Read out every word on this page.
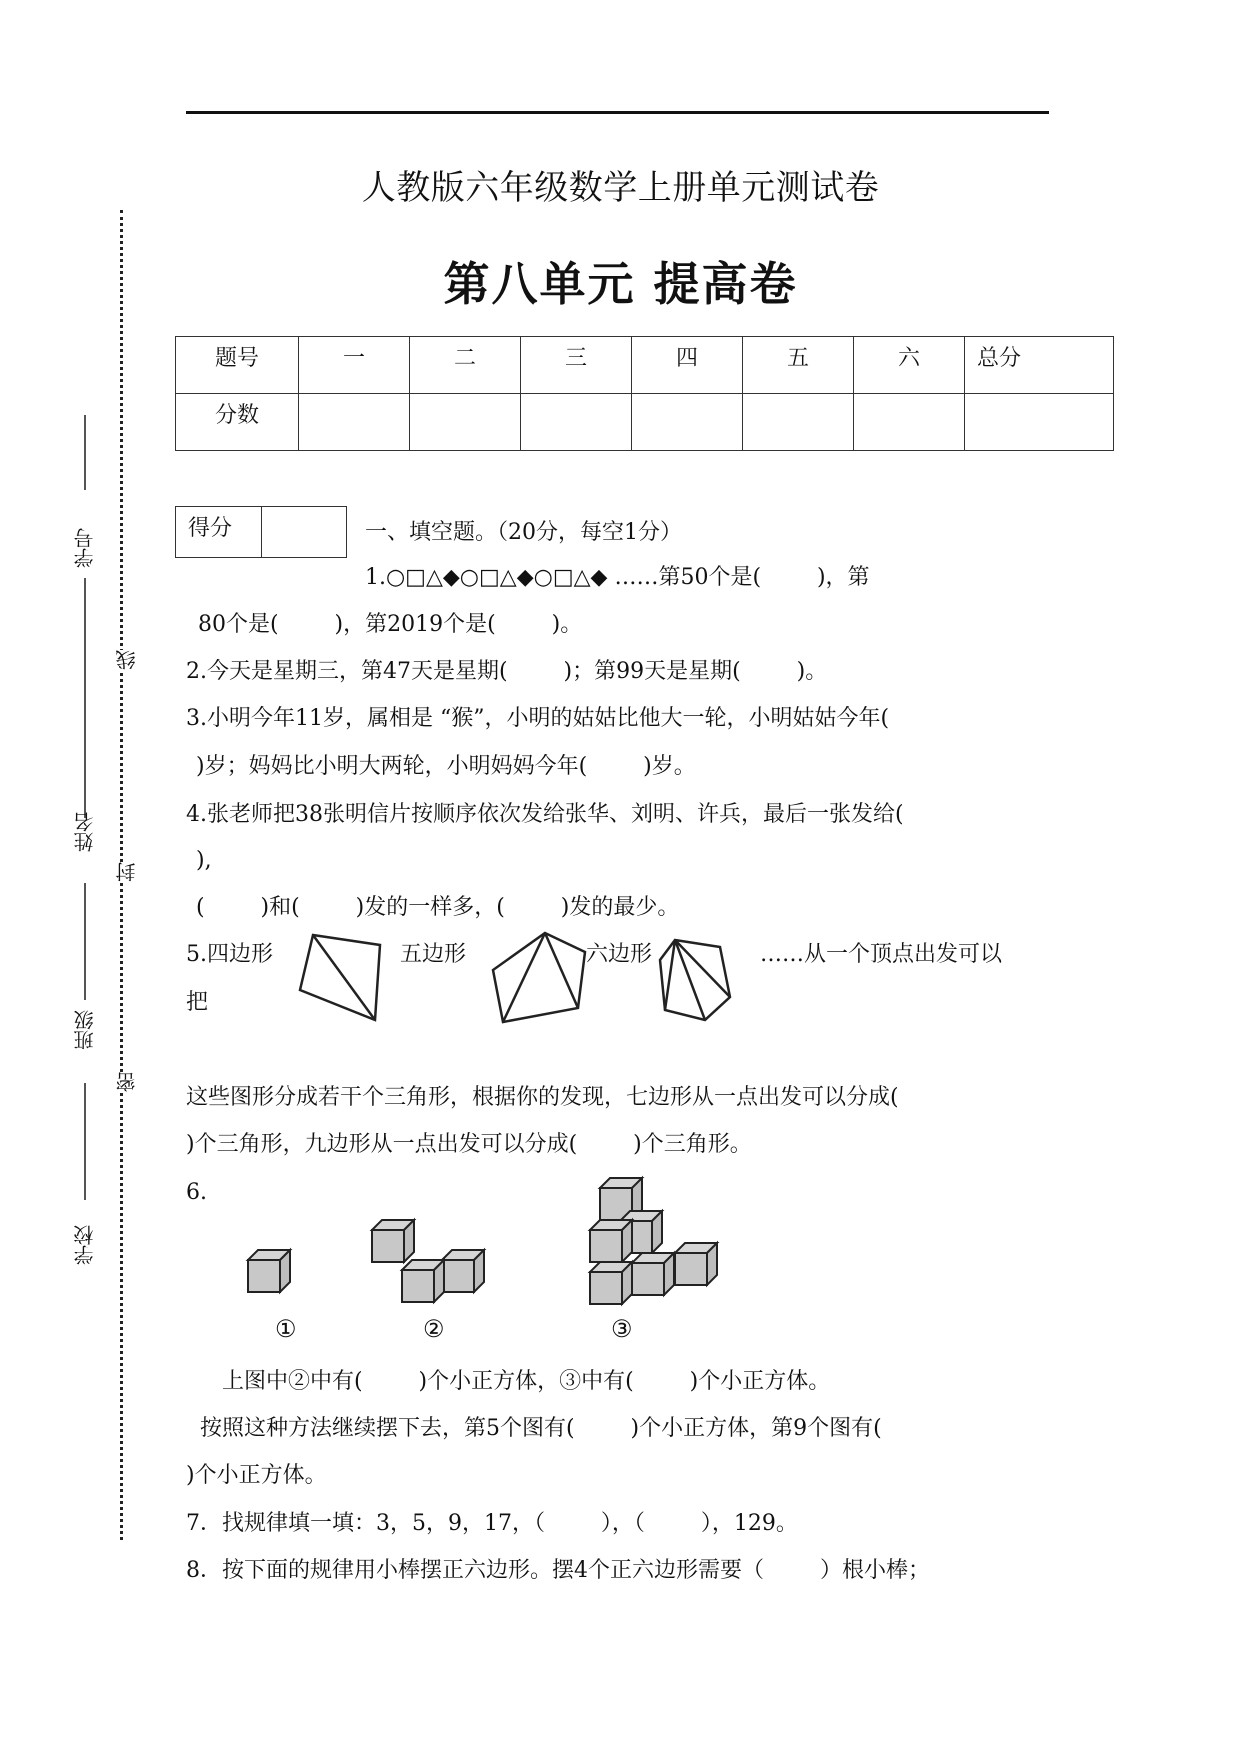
人教版六年级数学上册单元测试卷
第八单元 提高卷
题号	一	二	三	四	五	六	总分
分数							
线
封
密
学号
姓名
班级
学校
得分	一、填空题。（20分，每空1分）
1.○□△◆○□△◆○□△◆ ……第50个是(        )，第
80个是(        )，第2019个是(        )。
2.今天是星期三，第47天是星期(        )；第99天是星期(        )。
3.小明今年11岁，属相是 “猴”，小明的姑姑比他大一轮，小明姑姑今年(
)岁；妈妈比小明大两轮，小明妈妈今年(        )岁。
4.张老师把38张明信片按顺序依次发给张华、刘明、许兵，最后一张发给(
),
(        )和(        )发的一样多，(        )发的最少。
5.四边形	五边形	六边形	……从一个顶点出发可以
把
这些图形分成若干个三角形，根据你的发现，七边形从一点出发可以分成(
)个三角形，九边形从一点出发可以分成(        )个三角形。
6.
①	②	③
上图中②中有(        )个小正方体，③中有(        )个小正方体。
按照这种方法继续摆下去，第5个图有(        )个小正方体，第9个图有(
)个小正方体。
7．找规律填一填：3，5，9，17，（        ），（        ），129。
8．按下面的规律用小棒摆正六边形。摆4个正六边形需要（        ）根小棒；
